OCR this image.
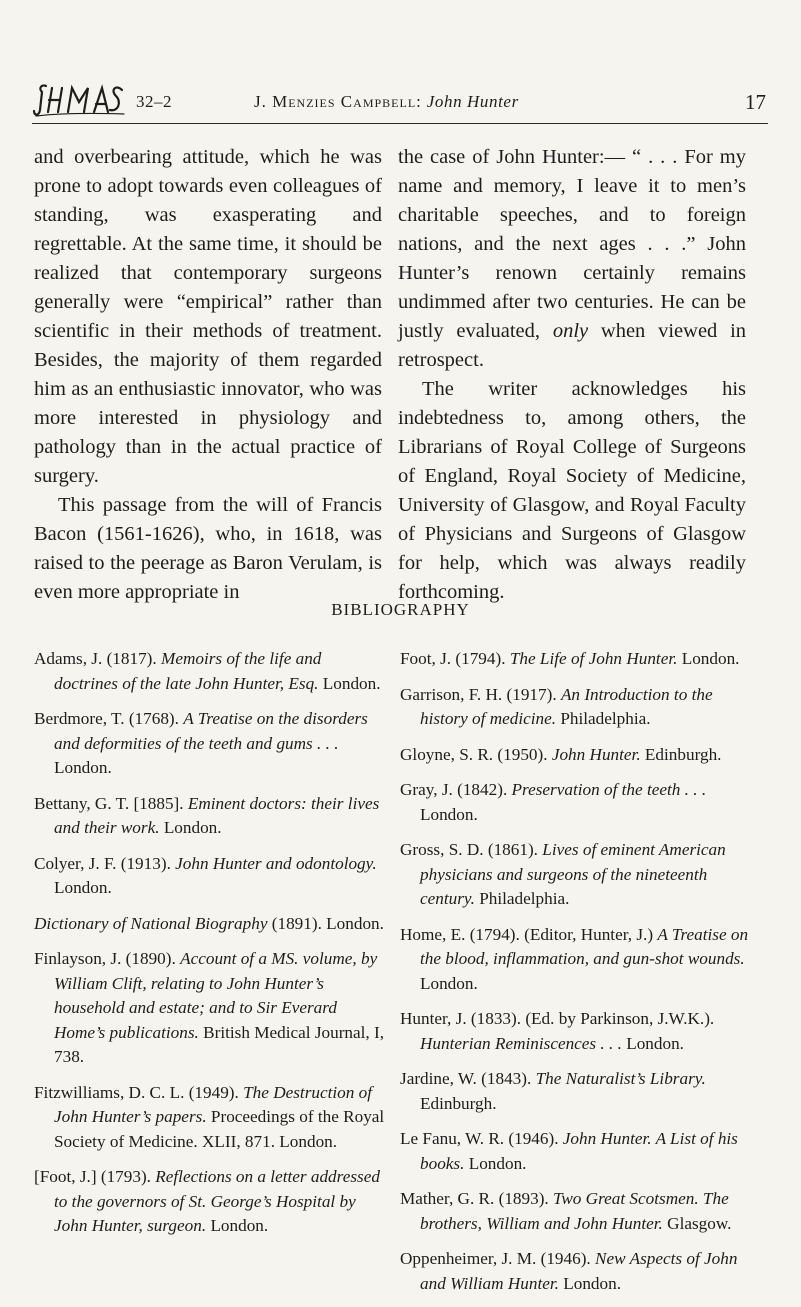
32–2	J. Menzies Campbell: John Hunter	17

and overbearing attitude, which he was prone to adopt towards even colleagues of standing, was exasperating and regrettable. At the same time, it should be realized that contemporary surgeons generally were “empirical” rather than scientific in their methods of treatment. Besides, the majority of them regarded him as an enthusiastic innovator, who was more interested in physiology and pathology than in the actual practice of surgery.

This passage from the will of Francis Bacon (1561-1626), who, in 1618, was raised to the peerage as Baron Verulam, is even more appropriate in

the case of John Hunter:— “ . . . For my name and memory, I leave it to men’s charitable speeches, and to foreign nations, and the next ages . . .” John Hunter’s renown certainly remains undimmed after two centuries. He can be justly evaluated, only when viewed in retrospect.

The writer acknowledges his indebtedness to, among others, the Librarians of Royal College of Surgeons of England, Royal Society of Medicine, University of Glasgow, and Royal Faculty of Physicians and Surgeons of Glasgow for help, which was always readily forthcoming.

BIBLIOGRAPHY

Adams, J. (1817). Memoirs of the life and doctrines of the late John Hunter, Esq. London.

Berdmore, T. (1768). A Treatise on the disorders and deformities of the teeth and gums . . . London.

Bettany, G. T. [1885]. Eminent doctors: their lives and their work. London.

Colyer, J. F. (1913). John Hunter and odontology. London.

Dictionary of National Biography (1891). London.

Finlayson, J. (1890). Account of a MS. volume, by William Clift, relating to John Hunter’s household and estate; and to Sir Everard Home’s publications. British Medical Journal, I, 738.

Fitzwilliams, D. C. L. (1949). The Destruction of John Hunter’s papers. Proceedings of the Royal Society of Medicine. XLII, 871. London.

[Foot, J.] (1793). Reflections on a letter addressed to the governors of St. George’s Hospital by John Hunter, surgeon. London.

Foot, J. (1794). The Life of John Hunter. London.

Garrison, F. H. (1917). An Introduction to the history of medicine. Philadelphia.

Gloyne, S. R. (1950). John Hunter. Edinburgh.

Gray, J. (1842). Preservation of the teeth . . . London.

Gross, S. D. (1861). Lives of eminent American physicians and surgeons of the nineteenth century. Philadelphia.

Home, E. (1794). (Editor, Hunter, J.) A Treatise on the blood, inflammation, and gun-shot wounds. London.

Hunter, J. (1833). (Ed. by Parkinson, J.W.K.). Hunterian Reminiscences . . . London.

Jardine, W. (1843). The Naturalist’s Library. Edinburgh.

Le Fanu, W. R. (1946). John Hunter. A List of his books. London.

Mather, G. R. (1893). Two Great Scotsmen. The brothers, William and John Hunter. Glasgow.

Oppenheimer, J. M. (1946). New Aspects of John and William Hunter. London.
